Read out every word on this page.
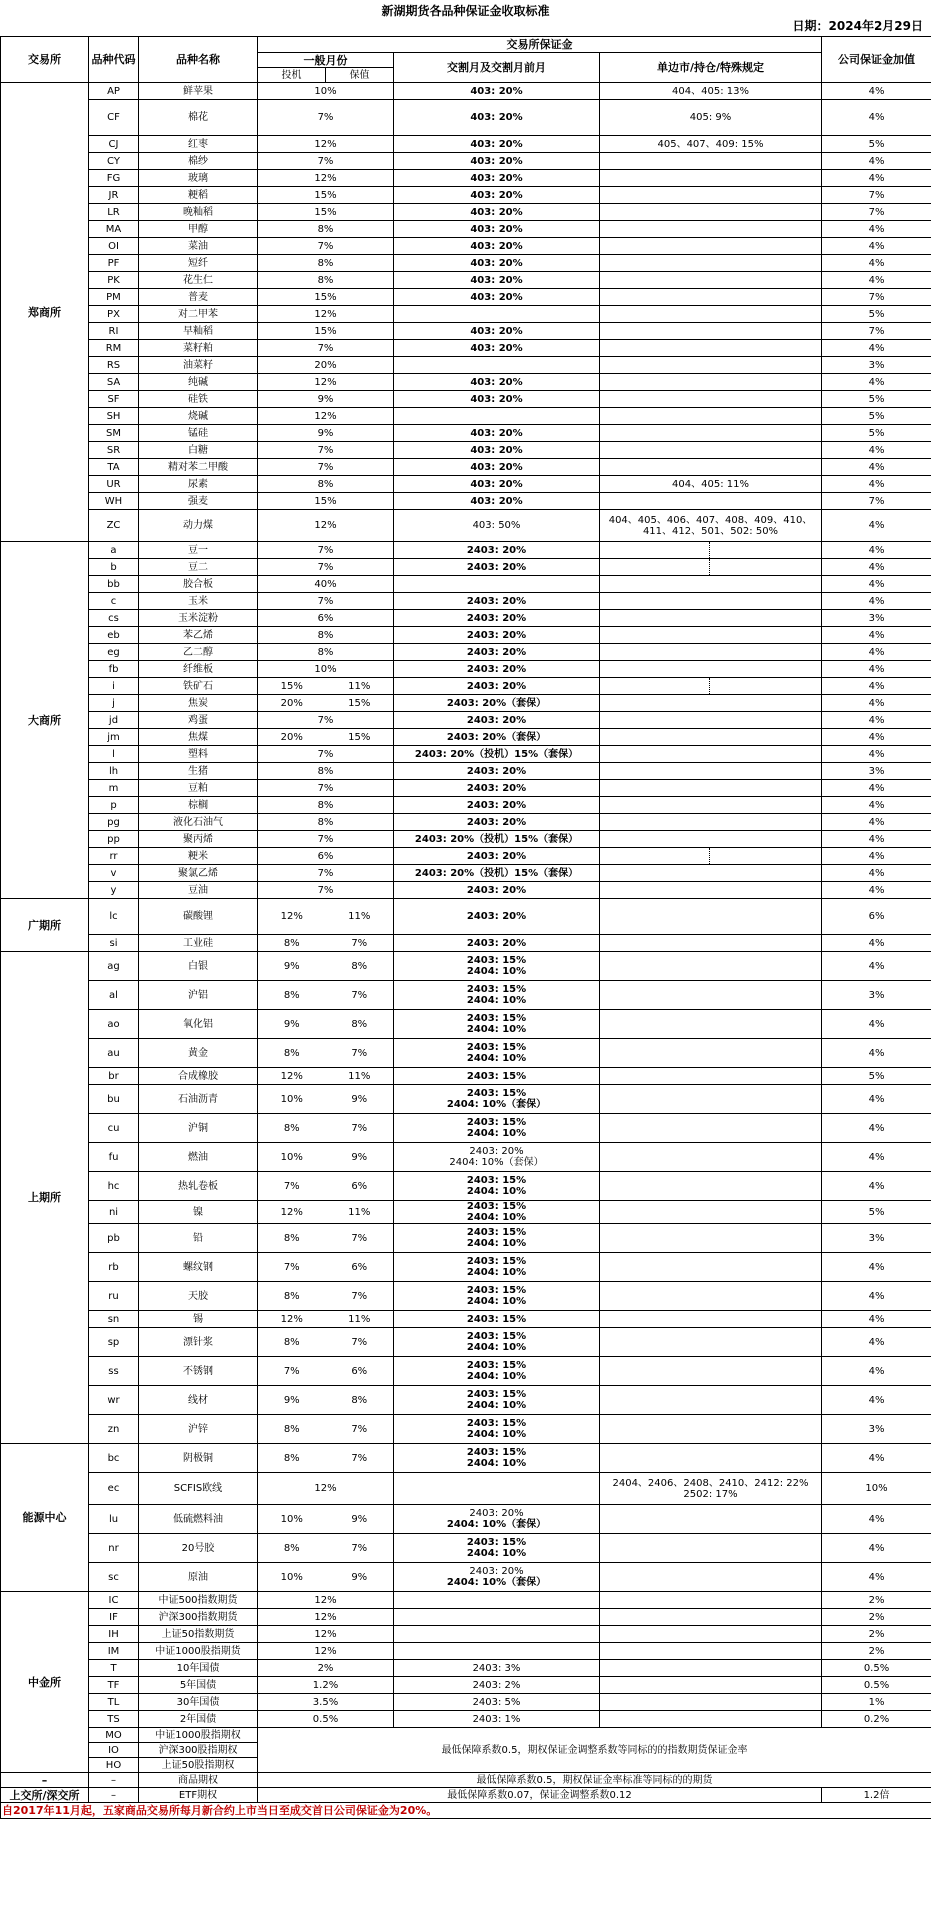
新湖期货各品种保证金收取标准
日期：2024年2月29日
交易所	品种代码	品种名称	交易所保证金					公司保证金加值
			一般月份		交割月及交割月前月	单边市/持仓/特殊规定		
			投机	保值				
郑商所	AP	鲜苹果	10%		403: 20%	404、405: 13%		4%
	CF	棉花	7%		403: 20%	405: 9%		4%
	CJ	红枣	12%		403: 20%	405、407、409: 15%		5%
	CY	棉纱	7%		403: 20%			4%
	FG	玻璃	12%		403: 20%			4%
	JR	粳稻	15%		403: 20%			7%
	LR	晚籼稻	15%		403: 20%			7%
	MA	甲醇	8%		403: 20%			4%
	OI	菜油	7%		403: 20%			4%
	PF	短纤	8%		403: 20%			4%
	PK	花生仁	8%		403: 20%			4%
	PM	普麦	15%		403: 20%			7%
	PX	对二甲苯	12%					5%
	RI	早籼稻	15%		403: 20%			7%
	RM	菜籽粕	7%		403: 20%			4%
	RS	油菜籽	20%					3%
	SA	纯碱	12%		403: 20%			4%
	SF	硅铁	9%		403: 20%			5%
	SH	烧碱	12%					5%
	SM	锰硅	9%		403: 20%			5%
	SR	白糖	7%		403: 20%			4%
	TA	精对苯二甲酸	7%		403: 20%			4%
	UR	尿素	8%		403: 20%	404、405: 11%		4%
	WH	强麦	15%		403: 20%			7%
	ZC	动力煤	12%		403: 50%	404、405、406、407、408、409、410、411、412、501、502: 50%		4%
大商所	a	豆一	7%		2403: 20%			4%
	b	豆二	7%		2403: 20%			4%
	bb	胶合板	40%					4%
	c	玉米	7%		2403: 20%			4%
	cs	玉米淀粉	6%		2403: 20%			3%
	eb	苯乙烯	8%		2403: 20%			4%
	eg	乙二醇	8%		2403: 20%			4%
	fb	纤维板	10%		2403: 20%			4%
	i	铁矿石	15%	11%	2403: 20%			4%
	j	焦炭	20%	15%	2403: 20%（套保）			4%
	jd	鸡蛋	7%		2403: 20%			4%
	jm	焦煤	20%	15%	2403: 20%（套保）			4%
	l	塑料	7%		2403: 20%（投机）15%（套保）			4%
	lh	生猪	8%		2403: 20%			3%
	m	豆粕	7%		2403: 20%			4%
	p	棕榈	8%		2403: 20%			4%
	pg	液化石油气	8%		2403: 20%			4%
	pp	聚丙烯	7%		2403: 20%（投机）15%（套保）			4%
	rr	粳米	6%		2403: 20%			4%
	v	聚氯乙烯	7%		2403: 20%（投机）15%（套保）			4%
	y	豆油	7%		2403: 20%			4%
广期所	lc	碳酸锂	12%	11%	2403: 20%			6%
	si	工业硅	8%	7%	2403: 20%			4%
上期所	ag	白银	9%	8%	2403: 15%
2404: 10%			4%
	al	沪铝	8%	7%	2403: 15%
2404: 10%			3%
	ao	氧化铝	9%	8%	2403: 15%
2404: 10%			4%
	au	黄金	8%	7%	2403: 15%
2404: 10%			4%
	br	合成橡胶	12%	11%	2403: 15%			5%
	bu	石油沥青	10%	9%	2403: 15%
2404: 10%（套保）			4%
	cu	沪铜	8%	7%	2403: 15%
2404: 10%			4%
	fu	燃油	10%	9%	2403: 20%
2404: 10%（套保）			4%
	hc	热轧卷板	7%	6%	2403: 15%
2404: 10%			4%
	ni	镍	12%	11%	2403: 15%
2404: 10%			5%
	pb	铅	8%	7%	2403: 15%
2404: 10%			3%
	rb	螺纹钢	7%	6%	2403: 15%
2404: 10%			4%
	ru	天胶	8%	7%	2403: 15%
2404: 10%			4%
	sn	锡	12%	11%	2403: 15%			4%
	sp	漂针浆	8%	7%	2403: 15%
2404: 10%			4%
	ss	不锈钢	7%	6%	2403: 15%
2404: 10%			4%
	wr	线材	9%	8%	2403: 15%
2404: 10%			4%
	zn	沪锌	8%	7%	2403: 15%
2404: 10%			3%
能源中心	bc	阴极铜	8%	7%	2403: 15%
2404: 10%			4%
	ec	SCFIS欧线	12%			2404、2406、2408、2410、2412: 22% 2502: 17%		10%
	lu	低硫燃料油	10%	9%	2403: 20%
2404: 10%（套保）			4%
	nr	20号胶	8%	7%	2403: 15%
2404: 10%			4%
	sc	原油	10%	9%	2403: 20%
2404: 10%（套保）			4%
中金所	IC	中证500指数期货	12%					2%
	IF	沪深300指数期货	12%					2%
	IH	上证50指数期货	12%					2%
	IM	中证1000股指期货	12%					2%
	T	10年国债	2%		2403: 3%			0.5%
	TF	5年国债	1.2%		2403: 2%			0.5%
	TL	30年国债	3.5%		2403: 5%			1%
	TS	2年国债	0.5%		2403: 1%			0.2%
	MO	中证1000股指期权	最低保障系数0.5，期权保证金调整系数等同标的的指数期货保证金率					
	IO	沪深300股指期权						
	HO	上证50股指期权						
–	–	商品期权	最低保障系数0.5，期权保证金率标准等同标的的期货					
上交所/深交所	–	ETF期权	最低保障系数0.07，保证金调整系数0.12					1.2倍
自2017年11月起，五家商品交易所每月新合约上市当日至成交首日公司保证金为20%。								
